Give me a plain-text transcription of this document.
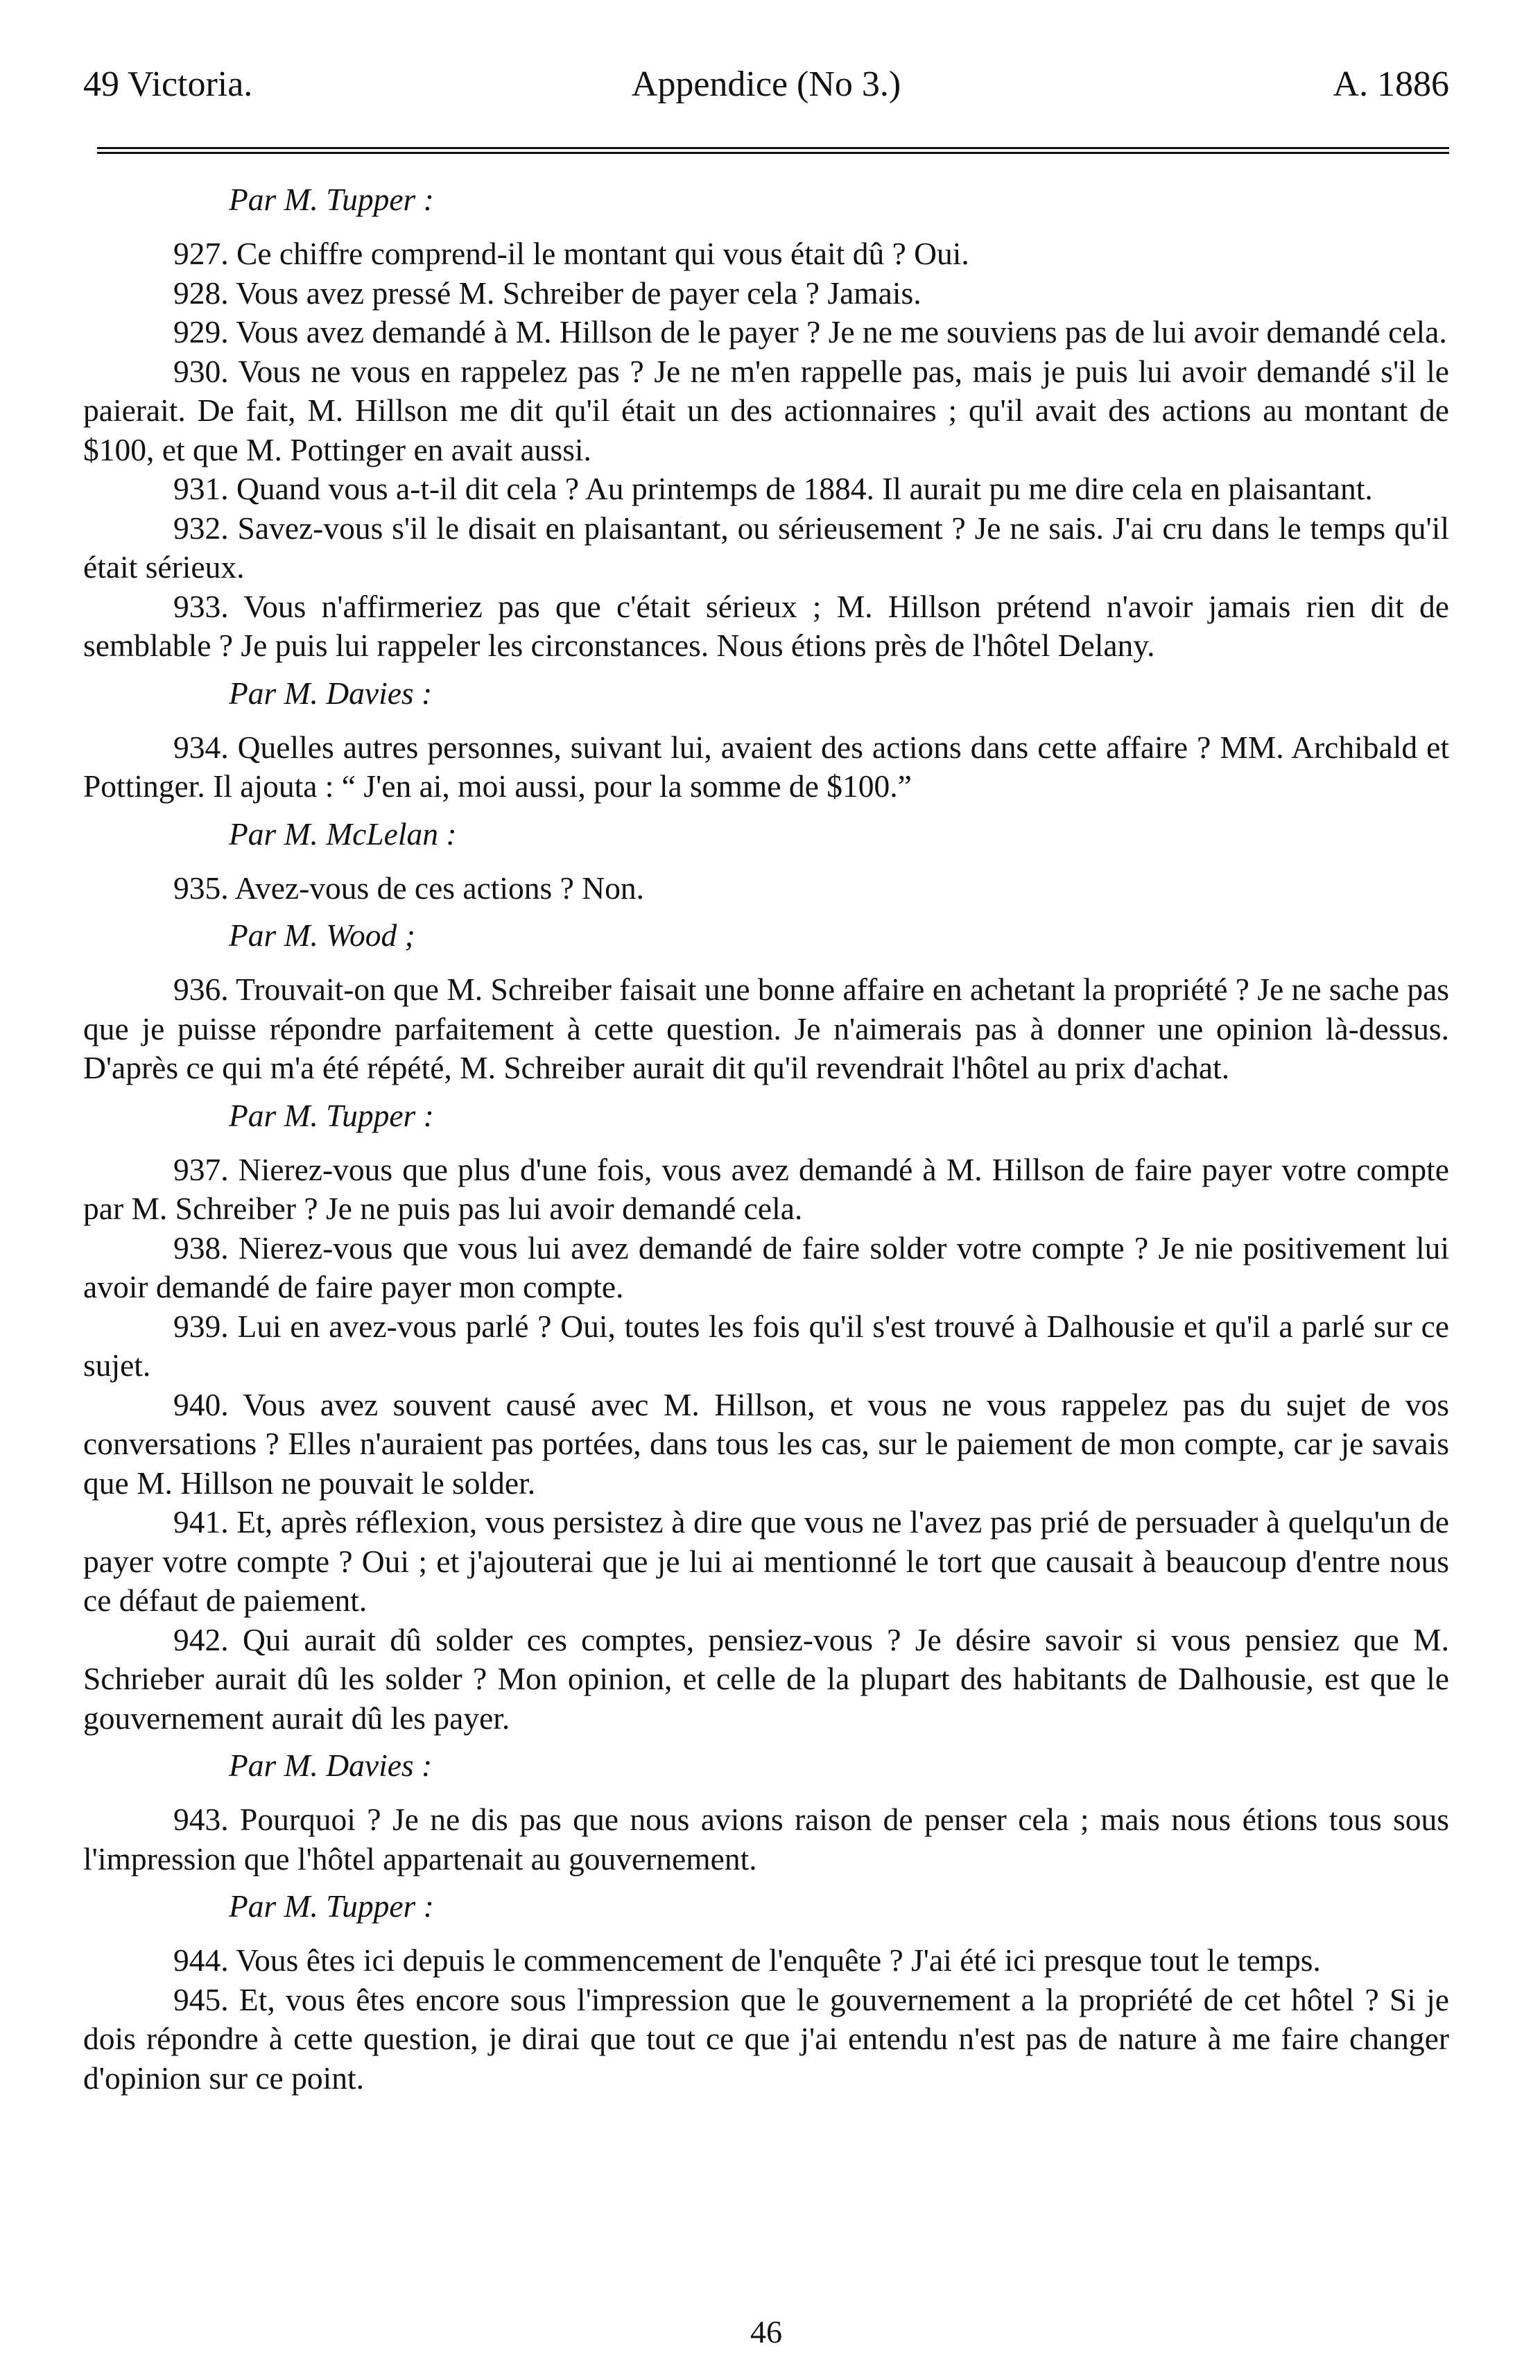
Appendice (No 3.)
49 Victoria.	A. 1886
Par M. Tupper :

927. Ce chiffre comprend-il le montant qui vous était dû ? Oui.

928. Vous avez pressé M. Schreiber de payer cela ? Jamais.

929. Vous avez demandé à M. Hillson de le payer ? Je ne me souviens pas de lui avoir demandé cela.

930. Vous ne vous en rappelez pas ? Je ne m'en rappelle pas, mais je puis lui avoir demandé s'il le paierait. De fait, M. Hillson me dit qu'il était un des actionnaires ; qu'il avait des actions au montant de $100, et que M. Pottinger en avait aussi.

931. Quand vous a-t-il dit cela ? Au printemps de 1884. Il aurait pu me dire cela en plaisantant.

932. Savez-vous s'il le disait en plaisantant, ou sérieusement ? Je ne sais. J'ai cru dans le temps qu'il était sérieux.

933. Vous n'affirmeriez pas que c'était sérieux ; M. Hillson prétend n'avoir jamais rien dit de semblable ? Je puis lui rappeler les circonstances. Nous étions près de l'hôtel Delany.

Par M. Davies :

934. Quelles autres personnes, suivant lui, avaient des actions dans cette affaire ? MM. Archibald et Pottinger. Il ajouta : “ J'en ai, moi aussi, pour la somme de $100.”

Par M. McLelan :

935. Avez-vous de ces actions ? Non.

Par M. Wood ;

936. Trouvait-on que M. Schreiber faisait une bonne affaire en achetant la propriété ? Je ne sache pas que je puisse répondre parfaitement à cette question. Je n'aimerais pas à donner une opinion là-dessus. D'après ce qui m'a été répété, M. Schreiber aurait dit qu'il revendrait l'hôtel au prix d'achat.

Par M. Tupper :

937. Nierez-vous que plus d'une fois, vous avez demandé à M. Hillson de faire payer votre compte par M. Schreiber ? Je ne puis pas lui avoir demandé cela.

938. Nierez-vous que vous lui avez demandé de faire solder votre compte ? Je nie positivement lui avoir demandé de faire payer mon compte.

939. Lui en avez-vous parlé ? Oui, toutes les fois qu'il s'est trouvé à Dalhousie et qu'il a parlé sur ce sujet.

940. Vous avez souvent causé avec M. Hillson, et vous ne vous rappelez pas du sujet de vos conversations ? Elles n'auraient pas portées, dans tous les cas, sur le paiement de mon compte, car je savais que M. Hillson ne pouvait le solder.

941. Et, après réflexion, vous persistez à dire que vous ne l'avez pas prié de persuader à quelqu'un de payer votre compte ? Oui ; et j'ajouterai que je lui ai mentionné le tort que causait à beaucoup d'entre nous ce défaut de paiement.

942. Qui aurait dû solder ces comptes, pensiez-vous ? Je désire savoir si vous pensiez que M. Schrieber aurait dû les solder ? Mon opinion, et celle de la plupart des habitants de Dalhousie, est que le gouvernement aurait dû les payer.

Par M. Davies :

943. Pourquoi ? Je ne dis pas que nous avions raison de penser cela ; mais nous étions tous sous l'impression que l'hôtel appartenait au gouvernement.

Par M. Tupper :

944. Vous êtes ici depuis le commencement de l'enquête ? J'ai été ici presque tout le temps.

945. Et, vous êtes encore sous l'impression que le gouvernement a la propriété de cet hôtel ? Si je dois répondre à cette question, je dirai que tout ce que j'ai entendu n'est pas de nature à me faire changer d'opinion sur ce point.

46
